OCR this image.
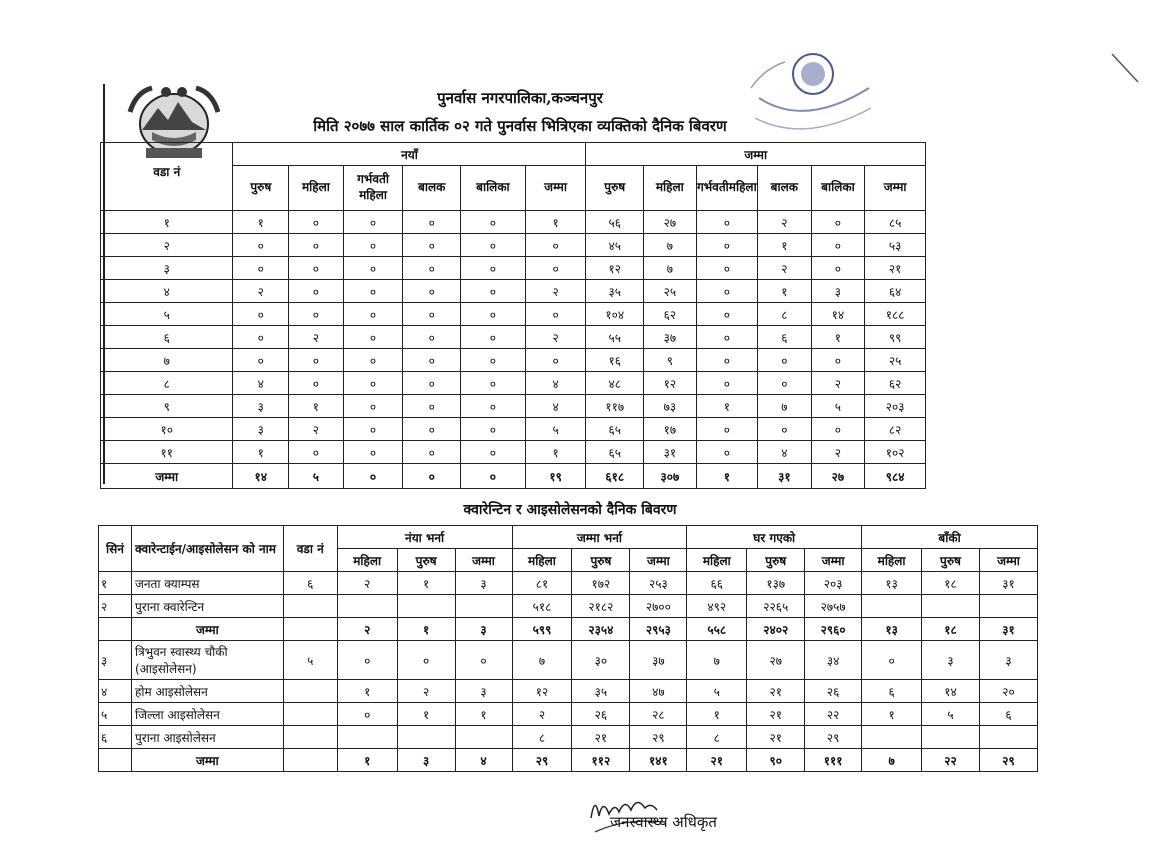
पुनर्वास नगरपालिका,कञ्चनपुर
मिति २०७७ साल कार्तिक ०२ गते पुनर्वास भित्रिएका व्यक्तिको दैनिक बिवरण
वडा नं	नयाँ						जम्मा					
	पुरुष	महिला	गर्भवती महिला	बालक	बालिका	जम्मा	पुरुष	महिला	गर्भवतीमहिला	बालक	बालिका	जम्मा
१	१	०	०	०	०	१	५६	२७	०	२	०	८५
२	०	०	०	०	०	०	४५	७	०	१	०	५३
३	०	०	०	०	०	०	१२	७	०	२	०	२१
४	२	०	०	०	०	२	३५	२५	०	१	३	६४
५	०	०	०	०	०	०	१०४	६२	०	८	१४	१८८
६	०	२	०	०	०	२	५५	३७	०	६	१	९९
७	०	०	०	०	०	०	१६	९	०	०	०	२५
८	४	०	०	०	०	४	४८	१२	०	०	२	६२
९	३	१	०	०	०	४	११७	७३	१	७	५	२०३
१०	३	२	०	०	०	५	६५	१७	०	०	०	८२
११	१	०	०	०	०	१	६५	३१	०	४	२	१०२
जम्मा	१४	५	०	०	०	१९	६१८	३०७	१	३१	२७	९८४
क्वारेन्टिन र आइसोलेसनको दैनिक बिवरण
सिनं	क्वारेन्टाईन/आइसोलेसन को नाम	वडा नं	नंया भर्ना			जम्मा भर्ना			घर गएको			बाँकी		
			महिला	पुरुष	जम्मा	महिला	पुरुष	जम्मा	महिला	पुरुष	जम्मा	महिला	पुरुष	जम्मा
१	जनता क्याम्पस	६	२	१	३	८१	१७२	२५३	६६	१३७	२०३	१३	१८	३१
२	पुराना क्वारेन्टिन					५१८	२१८२	२७००	४९२	२२६५	२७५७			
	जम्मा		२	१	३	५९९	२३५४	२९५३	५५८	२४०२	२९६०	१३	१८	३१
३	त्रिभुवन स्वास्थ्य चौकी (आइसोलेसन)	५	०	०	०	७	३०	३७	७	२७	३४	०	३	३
४	होम आइसोलेसन		१	२	३	१२	३५	४७	५	२१	२६	६	१४	२०
५	जिल्ला आइसोलेसन		०	१	१	२	२६	२८	१	२१	२२	१	५	६
६	पुराना आइसोलेसन					८	२१	२९	८	२१	२९			
	जम्मा		१	३	४	२९	११२	१४१	२१	९०	१११	७	२२	२९
जनस्वास्थ्य अधिकृत
